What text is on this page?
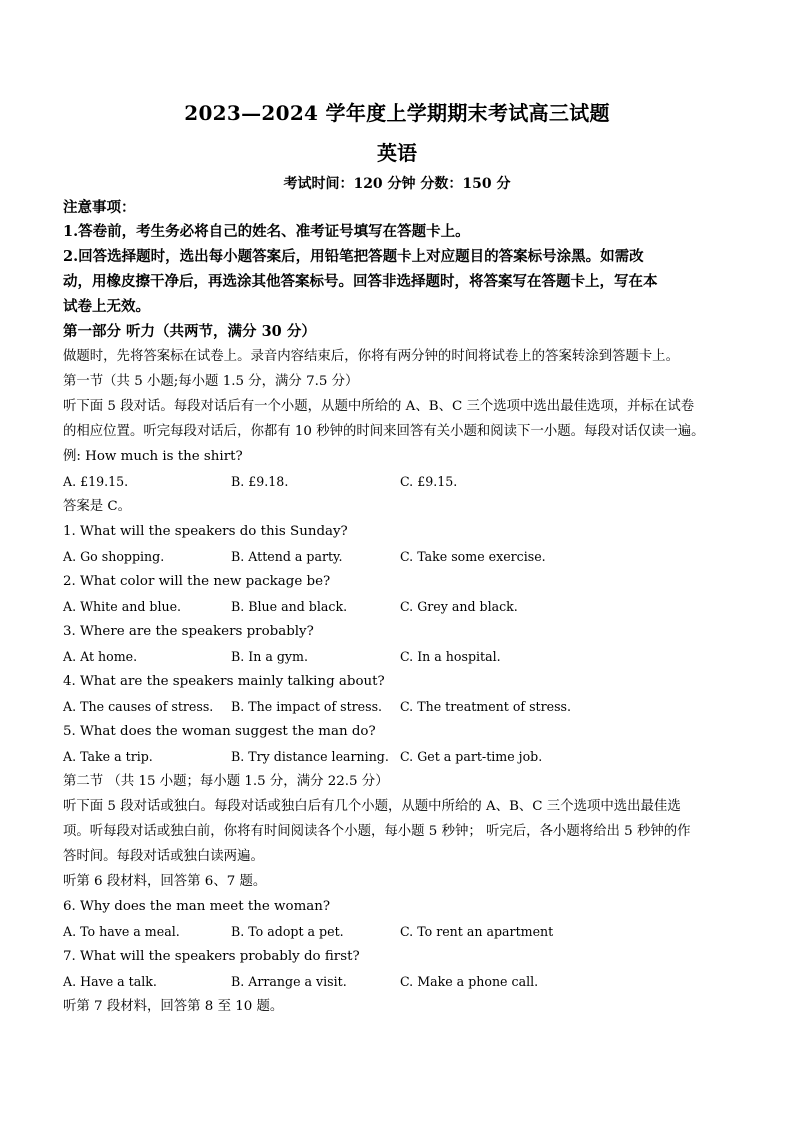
2023—2024 学年度上学期期末考试高三试题
英语
考试时间：120 分钟 分数：150 分
注意事项：
1.答卷前，考生务必将自己的姓名、准考证号填写在答题卡上。
2.回答选择题时，选出每小题答案后，用铅笔把答题卡上对应题目的答案标号涂黑。如需改
动，用橡皮擦干净后，再选涂其他答案标号。回答非选择题时，将答案写在答题卡上，写在本
试卷上无效。
第一部分 听力（共两节，满分 30 分）
做题时，先将答案标在试卷上。录音内容结束后，你将有两分钟的时间将试卷上的答案转涂到答题卡上。
第一节（共 5 小题;每小题 1.5 分，满分 7.5 分）
听下面 5 段对话。每段对话后有一个小题，从题中所给的 A、B、C 三个选项中选出最佳选项，并标在试卷
的相应位置。听完每段对话后，你都有 10 秒钟的时间来回答有关小题和阅读下一小题。每段对话仅读一遍。
例: How much is the shirt?
A. £19.15.	B. £9.18.	C. £9.15.
答案是 C。
1. What will the speakers do this Sunday?
A. Go shopping.	B. Attend a party.	C. Take some exercise.
2. What color will the new package be?
A. White and blue.	B. Blue and black.	C. Grey and black.
3. Where are the speakers probably?
A. At home.	B. In a gym.	C. In a hospital.
4. What are the speakers mainly talking about?
A. The causes of stress. B. The impact of stress. C. The treatment of stress.
5. What does the woman suggest the man do?
A. Take a trip.	B. Try distance learning. C. Get a part-time job.
第二节 （共 15 小题；每小题 1.5 分，满分 22.5 分）
听下面 5 段对话或独白。每段对话或独白后有几个小题，从题中所给的 A、B、C 三个选项中选出最佳选
项。听每段对话或独白前，你将有时间阅读各个小题，每小题 5 秒钟； 听完后，各小题将给出 5 秒钟的作
答时间。每段对话或独白读两遍。
听第 6 段材料，回答第 6、7 题。
6. Why does the man meet the woman?
A. To have a meal.	B. To adopt a pet.	C. To rent an apartment
7. What will the speakers probably do first?
A. Have a talk.	B. Arrange a visit.	C. Make a phone call.
听第 7 段材料，回答第 8 至 10 题。
